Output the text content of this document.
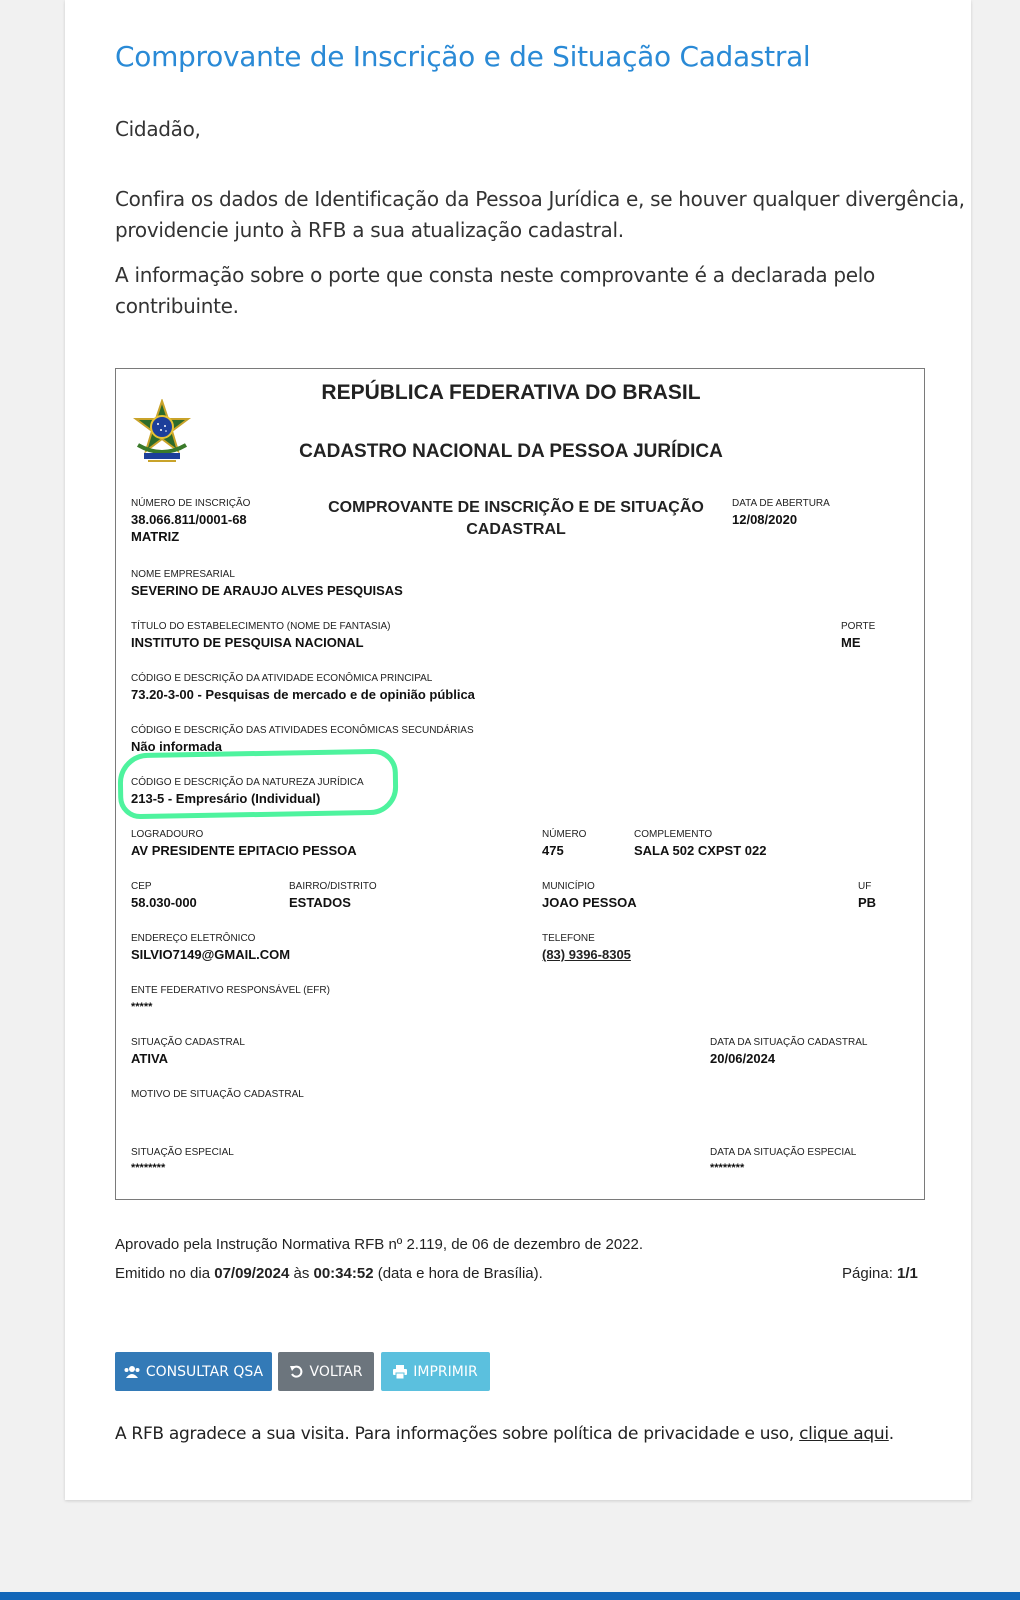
Comprovante de Inscrição e de Situação Cadastral
Cidadão,
Confira os dados de Identificação da Pessoa Jurídica e, se houver qualquer divergência,
providencie junto à RFB a sua atualização cadastral.
A informação sobre o porte que consta neste comprovante é a declarada pelo
contribuinte.
REPÚBLICA FEDERATIVA DO BRASIL
CADASTRO NACIONAL DA PESSOA JURÍDICA
NÚMERO DE INSCRIÇÃO
38.066.811/0001-68
MATRIZ
COMPROVANTE DE INSCRIÇÃO E DE SITUAÇÃO
CADASTRAL
DATA DE ABERTURA
12/08/2020
NOME EMPRESARIAL
SEVERINO DE ARAUJO ALVES PESQUISAS
TÍTULO DO ESTABELECIMENTO (NOME DE FANTASIA)
INSTITUTO DE PESQUISA NACIONAL
PORTE
ME
CÓDIGO E DESCRIÇÃO DA ATIVIDADE ECONÔMICA PRINCIPAL
73.20-3-00 - Pesquisas de mercado e de opinião pública
CÓDIGO E DESCRIÇÃO DAS ATIVIDADES ECONÔMICAS SECUNDÁRIAS
Não informada
CÓDIGO E DESCRIÇÃO DA NATUREZA JURÍDICA
213-5 - Empresário (Individual)
LOGRADOURO
AV PRESIDENTE EPITACIO PESSOA
NÚMERO
475
COMPLEMENTO
SALA 502 CXPST 022
CEP
58.030-000
BAIRRO/DISTRITO
ESTADOS
MUNICÍPIO
JOAO PESSOA
UF
PB
ENDEREÇO ELETRÔNICO
SILVIO7149@GMAIL.COM
TELEFONE
(83) 9396-8305
ENTE FEDERATIVO RESPONSÁVEL (EFR)
*****
SITUAÇÃO CADASTRAL
ATIVA
DATA DA SITUAÇÃO CADASTRAL
20/06/2024
MOTIVO DE SITUAÇÃO CADASTRAL
SITUAÇÃO ESPECIAL
********
DATA DA SITUAÇÃO ESPECIAL
********
Aprovado pela Instrução Normativa RFB nº 2.119, de 06 de dezembro de 2022.
Emitido no dia 07/09/2024 às 00:34:52 (data e hora de Brasília).	Página: 1/1
CONSULTAR QSA	VOLTAR	IMPRIMIR
A RFB agradece a sua visita. Para informações sobre política de privacidade e uso, clique aqui.
